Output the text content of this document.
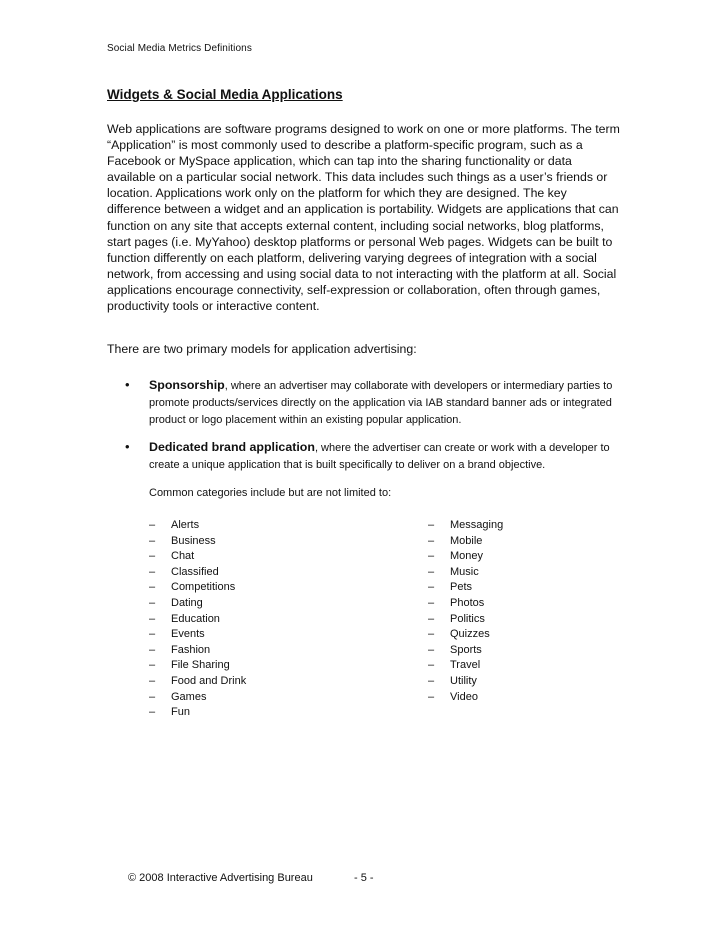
Social Media Metrics Definitions
Widgets & Social Media Applications

Web applications are software programs designed to work on one or more platforms. The term “Application” is most commonly used to describe a platform-specific program, such as a Facebook or MySpace application, which can tap into the sharing functionality or data available on a particular social network. This data includes such things as a user’s friends or location. Applications work only on the platform for which they are designed. The key difference between a widget and an application is portability. Widgets are applications that can function on any site that accepts external content, including social networks, blog platforms, start pages (i.e. MyYahoo) desktop platforms or personal Web pages. Widgets can be built to function differently on each platform, delivering varying degrees of integration with a social network, from accessing and using social data to not interacting with the platform at all. Social applications encourage connectivity, self-expression or collaboration, often through games, productivity tools or interactive content.

There are two primary models for application advertising:

•	Sponsorship, where an advertiser may collaborate with developers or intermediary parties to promote products/services directly on the application via IAB standard banner ads or integrated product or logo placement within an existing popular application.
•	Dedicated brand application, where the advertiser can create or work with a developer to create a unique application that is built specifically to deliver on a brand objective.

Common categories include but are not limited to:

–	Alerts
–	Business
–	Chat
–	Classified
–	Competitions
–	Dating
–	Education
–	Events
–	Fashion
–	File Sharing
–	Food and Drink
–	Games
–	Fun
–	Messaging
–	Mobile
–	Money
–	Music
–	Pets
–	Photos
–	Politics
–	Quizzes
–	Sports
–	Travel
–	Utility
–	Video
© 2008 Interactive Advertising Bureau	- 5 -
